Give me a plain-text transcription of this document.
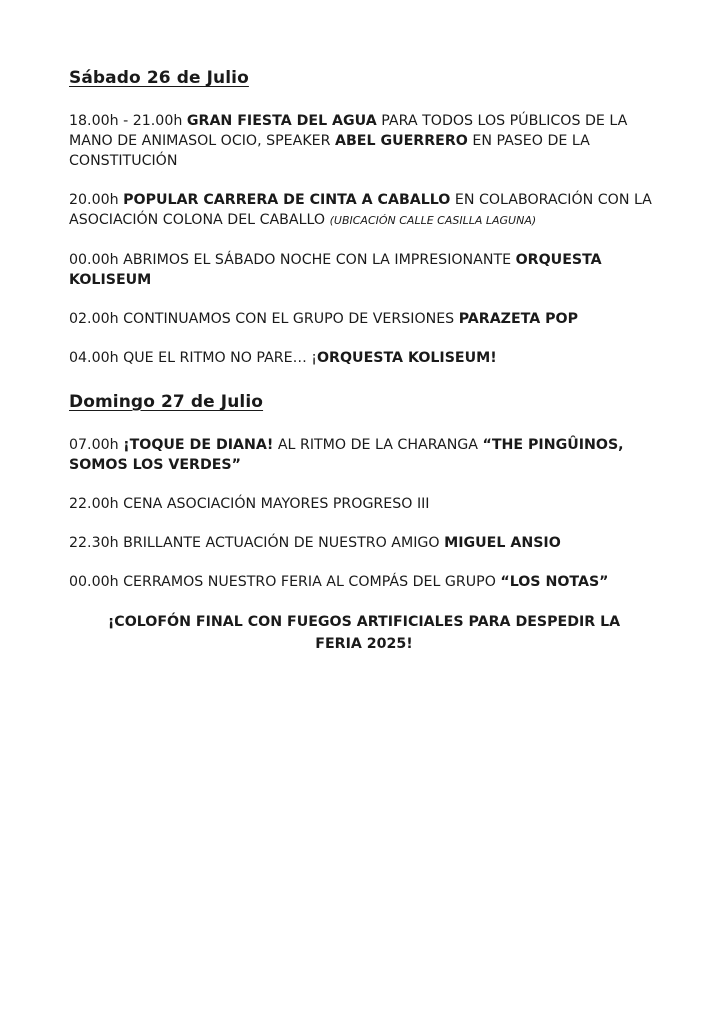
Sábado 26 de Julio

18.00h - 21.00h GRAN FIESTA DEL AGUA PARA TODOS LOS PÚBLICOS DE LA MANO DE ANIMASOL OCIO, SPEAKER ABEL GUERRERO EN PASEO DE LA CONSTITUCIÓN

20.00h POPULAR CARRERA DE CINTA A CABALLO EN COLABORACIÓN CON LA ASOCIACIÓN COLONA DEL CABALLO (UBICACIÓN CALLE CASILLA LAGUNA)

00.00h ABRIMOS EL SÁBADO NOCHE CON LA IMPRESIONANTE ORQUESTA KOLISEUM

02.00h CONTINUAMOS CON EL GRUPO DE VERSIONES PARAZETA POP

04.00h QUE EL RITMO NO PARE… ¡ORQUESTA KOLISEUM!

Domingo 27 de Julio

07.00h ¡TOQUE DE DIANA! AL RITMO DE LA CHARANGA “THE PINGÛINOS, SOMOS LOS VERDES”

22.00h CENA ASOCIACIÓN MAYORES PROGRESO III

22.30h BRILLANTE ACTUACIÓN DE NUESTRO AMIGO MIGUEL ANSIO

00.00h CERRAMOS NUESTRO FERIA AL COMPÁS DEL GRUPO “LOS NOTAS”

¡COLOFÓN FINAL CON FUEGOS ARTIFICIALES PARA DESPEDIR LA FERIA 2025!
